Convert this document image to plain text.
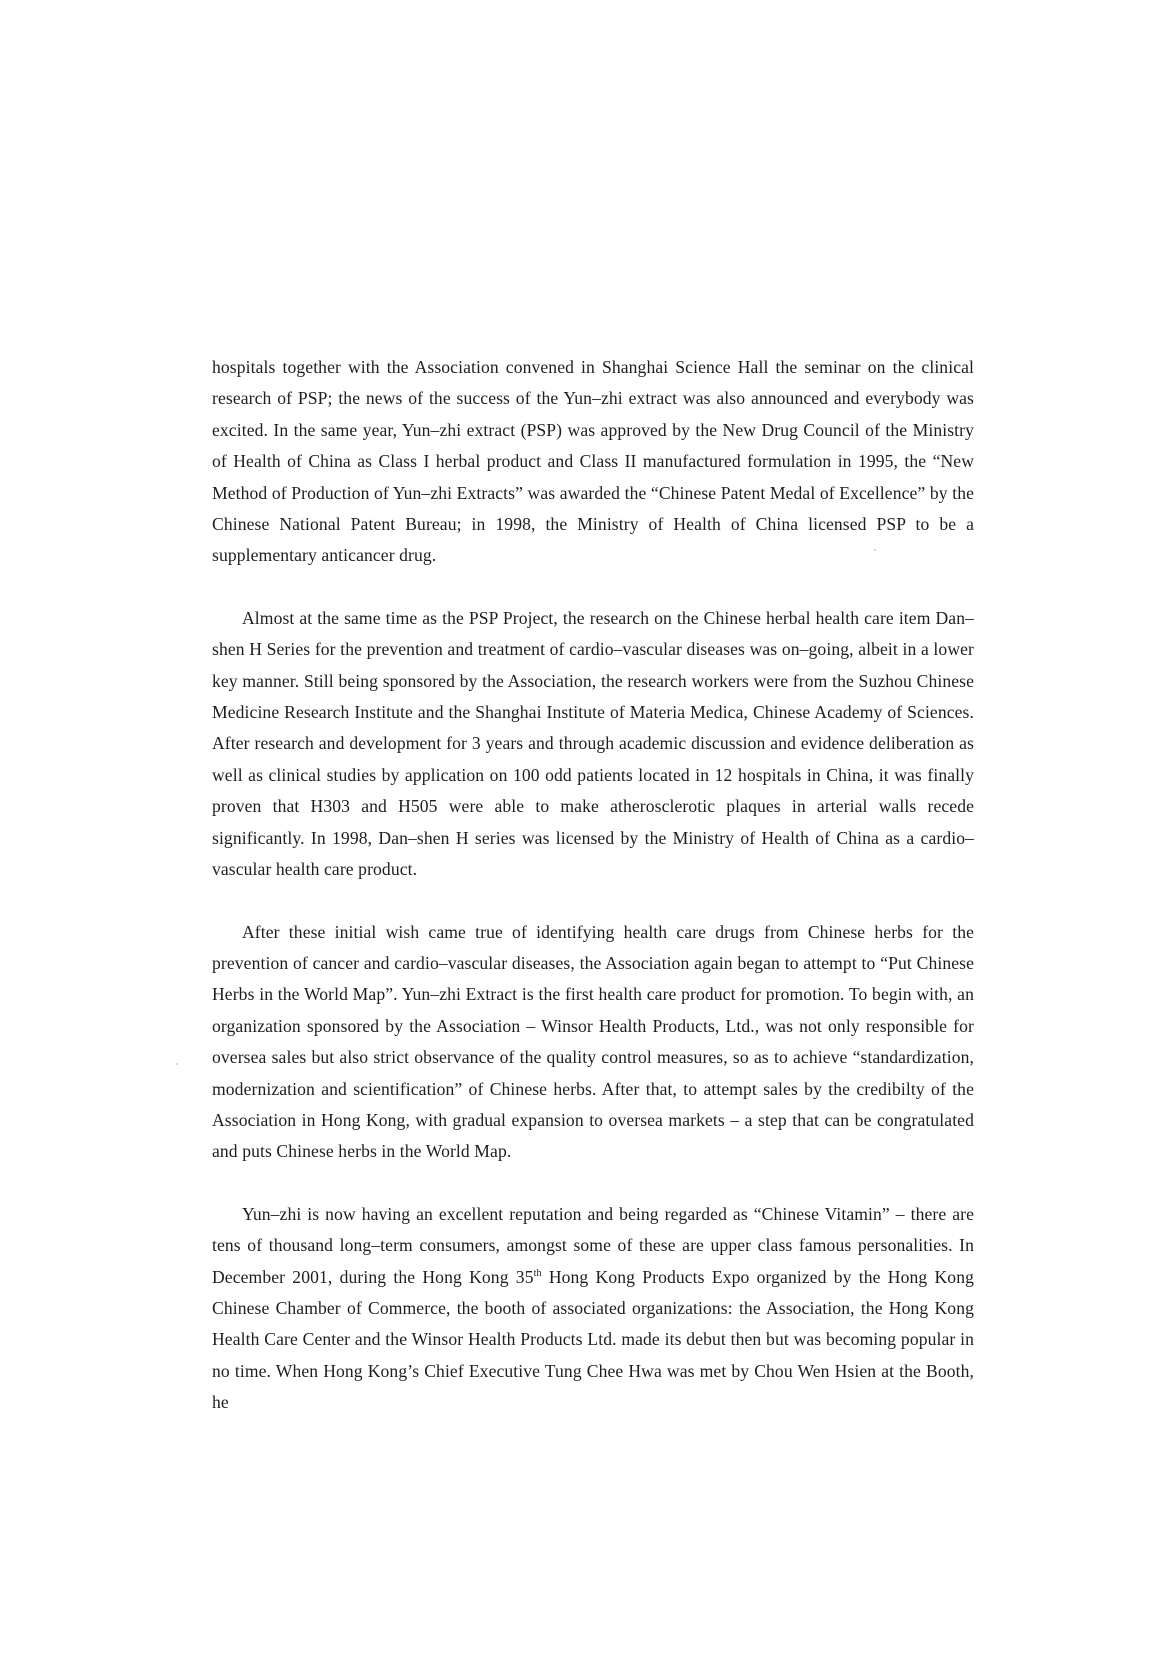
hospitals together with the Association convened in Shanghai Science Hall the seminar on the clinical research of PSP; the news of the success of the Yun–zhi extract was also announced and everybody was excited. In the same year, Yun–zhi extract (PSP) was approved by the New Drug Council of the Ministry of Health of China as Class I herbal product and Class II manufactured formulation in 1995, the “New Method of Production of Yun–zhi Extracts” was awarded the “Chinese Patent Medal of Excellence” by the Chinese National Patent Bureau; in 1998, the Ministry of Health of China licensed PSP to be a supplementary anticancer drug.

Almost at the same time as the PSP Project, the research on the Chinese herbal health care item Dan–shen H Series for the prevention and treatment of cardio–vascular diseases was on–going, albeit in a lower key manner. Still being sponsored by the Association, the research workers were from the Suzhou Chinese Medicine Research Institute and the Shanghai Institute of Materia Medica, Chinese Academy of Sciences. After research and development for 3 years and through academic discussion and evidence deliberation as well as clinical studies by application on 100 odd patients located in 12 hospitals in China, it was finally proven that H303 and H505 were able to make atherosclerotic plaques in arterial walls recede significantly. In 1998, Dan–shen H series was licensed by the Ministry of Health of China as a cardio–vascular health care product.

After these initial wish came true of identifying health care drugs from Chinese herbs for the prevention of cancer and cardio–vascular diseases, the Association again began to attempt to “Put Chinese Herbs in the World Map”. Yun–zhi Extract is the first health care product for promotion. To begin with, an organization sponsored by the Association – Winsor Health Products, Ltd., was not only responsible for oversea sales but also strict observance of the quality control measures, so as to achieve “standardization, modernization and scientification” of Chinese herbs. After that, to attempt sales by the credibilty of the Association in Hong Kong, with gradual expansion to oversea markets – a step that can be congratulated and puts Chinese herbs in the World Map.

Yun–zhi is now having an excellent reputation and being regarded as “Chinese Vitamin” – there are tens of thousand long–term consumers, amongst some of these are upper class famous personalities. In December 2001, during the Hong Kong 35th Hong Kong Products Expo organized by the Hong Kong Chinese Chamber of Commerce, the booth of associated organizations: the Association, the Hong Kong Health Care Center and the Winsor Health Products Ltd. made its debut then but was becoming popular in no time. When Hong Kong’s Chief Executive Tung Chee Hwa was met by Chou Wen Hsien at the Booth, he
